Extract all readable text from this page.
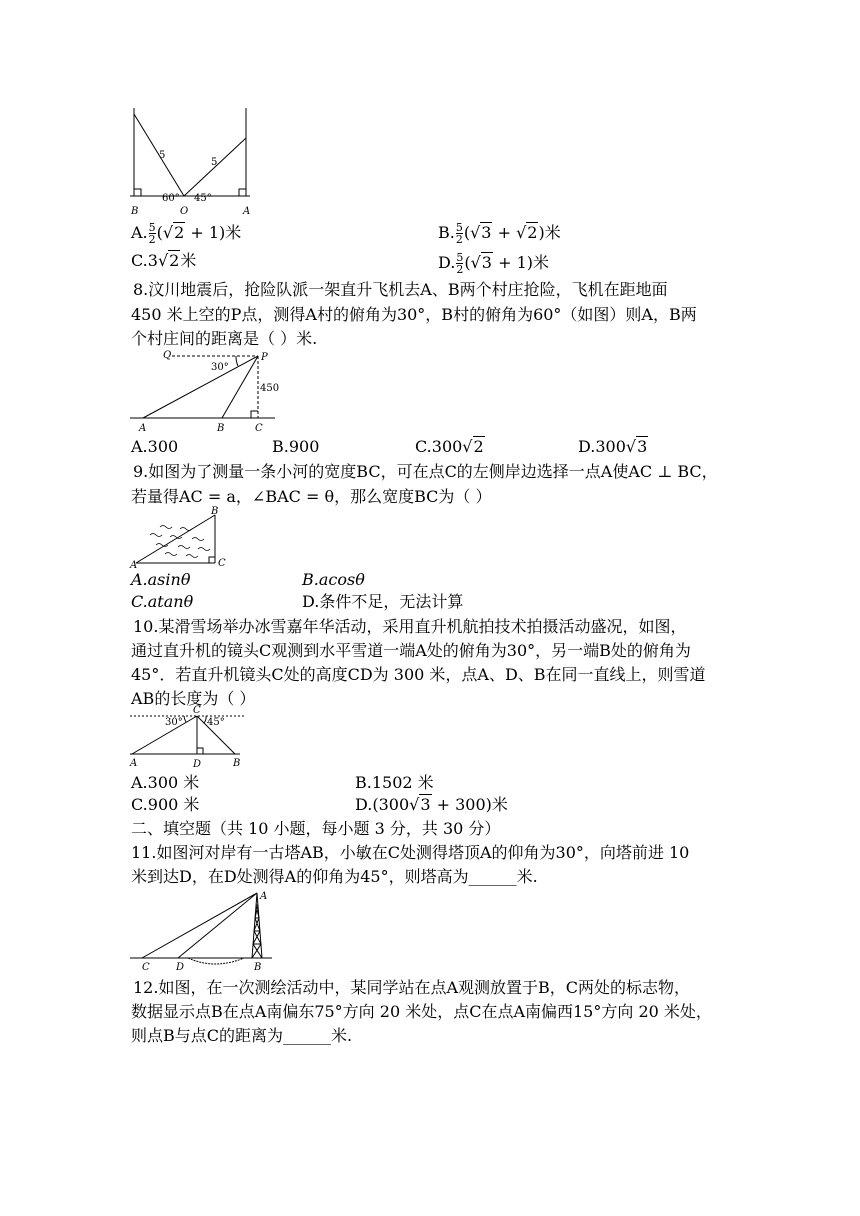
5
5
60° 45°
B	O	A
A. $\frac{5}{2} (√2 + 1)$米	B. $\frac{5}{2} (√3 + √2)$米
C.3√2米	D. $\frac{5}{2} (√3 + 1)$米
8.汶川地震后，抢险队派一架直升飞机去A、B两个村庄抢险，飞机在距地面
450 米上空的P点，测得A村的俯角为30°，B村的俯角为60°（如图）则A，B两
个村庄间的距离是（ ）米.
Q	P
30°
450
A	B	C
A.300	B.900	C.300√2	D.300√3
9.如图为了测量一条小河的宽度BC，可在点C的左侧岸边选择一点A使AC ⊥ BC，
若量得AC = a，∠BAC = θ，那么宽度BC为（ ）
B
A	C
A.asinθ	B.acosθ
C.atanθ	D.条件不足，无法计算
10.某滑雪场举办冰雪嘉年华活动，采用直升机航拍技术拍摄活动盛况，如图，
通过直升机的镜头C观测到水平雪道一端A处的俯角为30°，另一端B处的俯角为
45°．若直升机镜头C处的高度CD为 300 米，点A、D、B在同一直线上，则雪道
AB的长度为（ ）
C
30° 45°
A	D	B
A.300 米	B.1502 米
C.900 米	D.(300√3 + 300)米
二、填空题（共 10 小题，每小题 3 分，共 30 分）
11.如图河对岸有一古塔AB，小敏在C处测得塔顶A的仰角为30°，向塔前进 10
米到达D，在D处测得A的仰角为45°，则塔高为______米.
A
C	D	B
12.如图，在一次测绘活动中，某同学站在点A观测放置于B，C两处的标志物，
数据显示点B在点A南偏东75°方向 20 米处，点C在点A南偏西15°方向 20 米处，
则点B与点C的距离为______米.
